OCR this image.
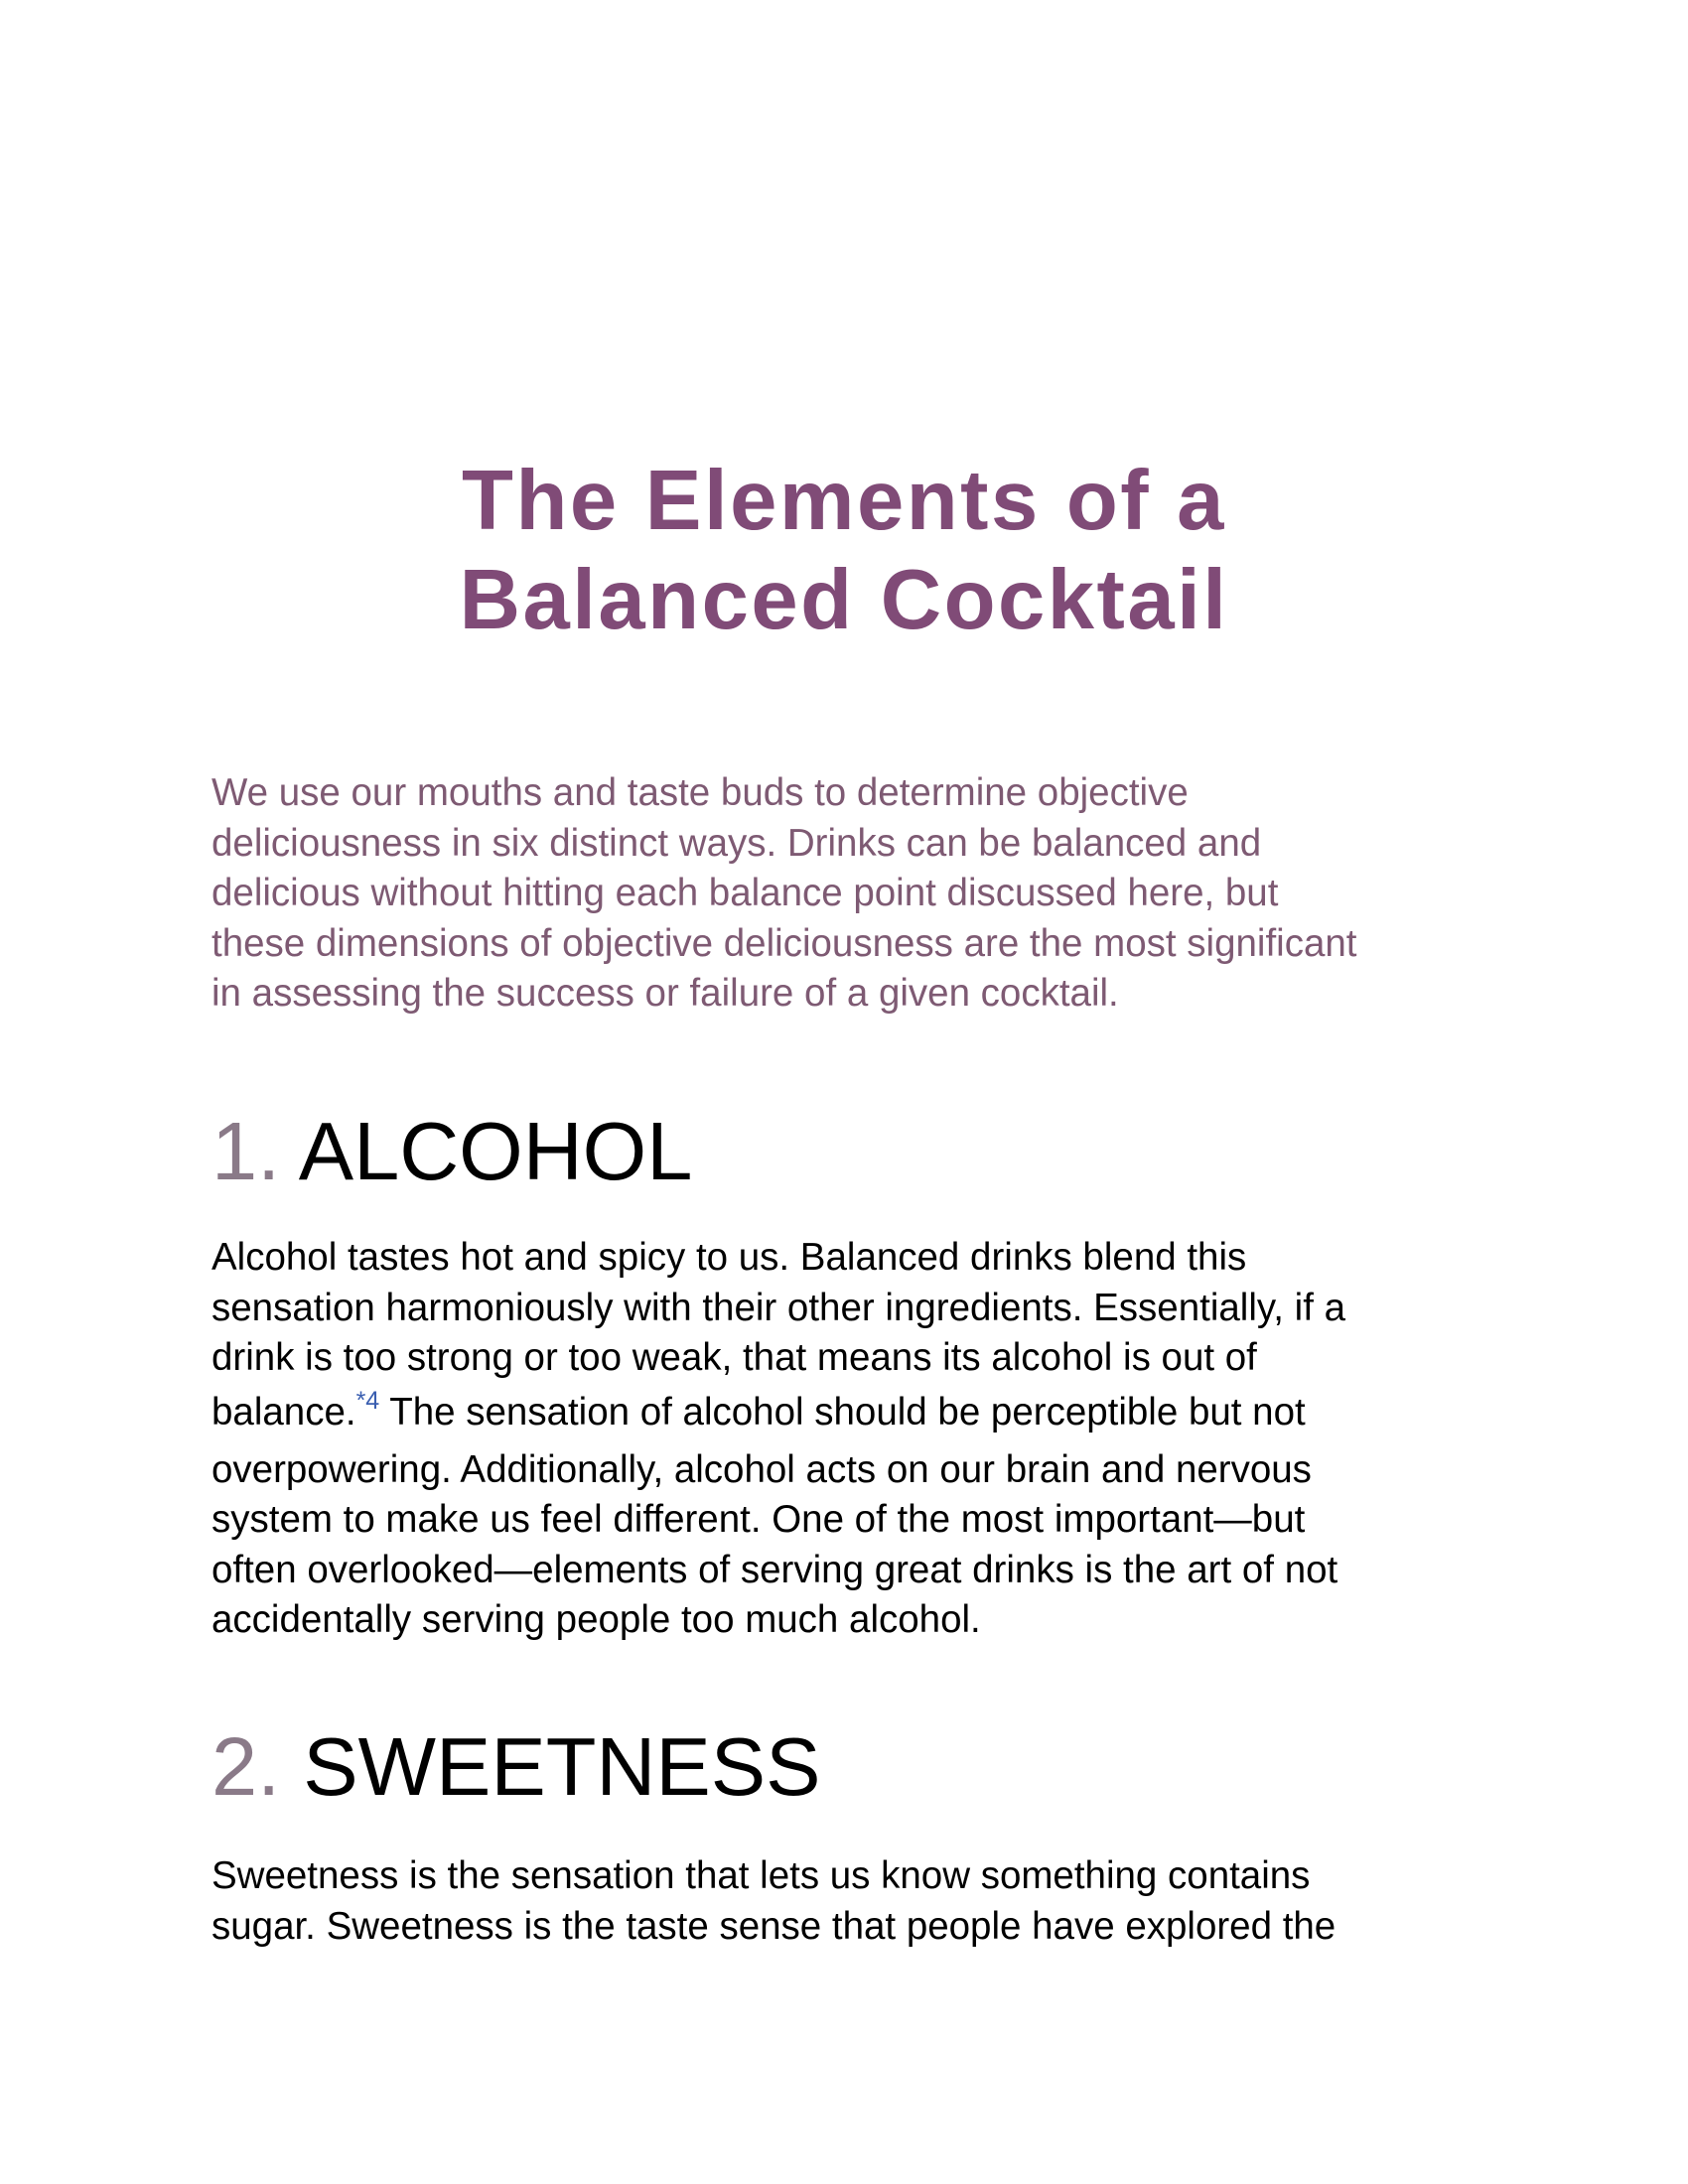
The Elements of a
Balanced Cocktail

We use our mouths and taste buds to determine objective
deliciousness in six distinct ways. Drinks can be balanced and
delicious without hitting each balance point discussed here, but
these dimensions of objective deliciousness are the most significant
in assessing the success or failure of a given cocktail.

1. ALCOHOL

Alcohol tastes hot and spicy to us. Balanced drinks blend this
sensation harmoniously with their other ingredients. Essentially, if a
drink is too strong or too weak, that means its alcohol is out of
balance.$^{*4}$ The sensation of alcohol should be perceptible but not
overpowering. Additionally, alcohol acts on our brain and nervous
system to make us feel different. One of the most important—but
often overlooked—elements of serving great drinks is the art of not
accidentally serving people too much alcohol.

2. SWEETNESS

Sweetness is the sensation that lets us know something contains
sugar. Sweetness is the taste sense that people have explored the
